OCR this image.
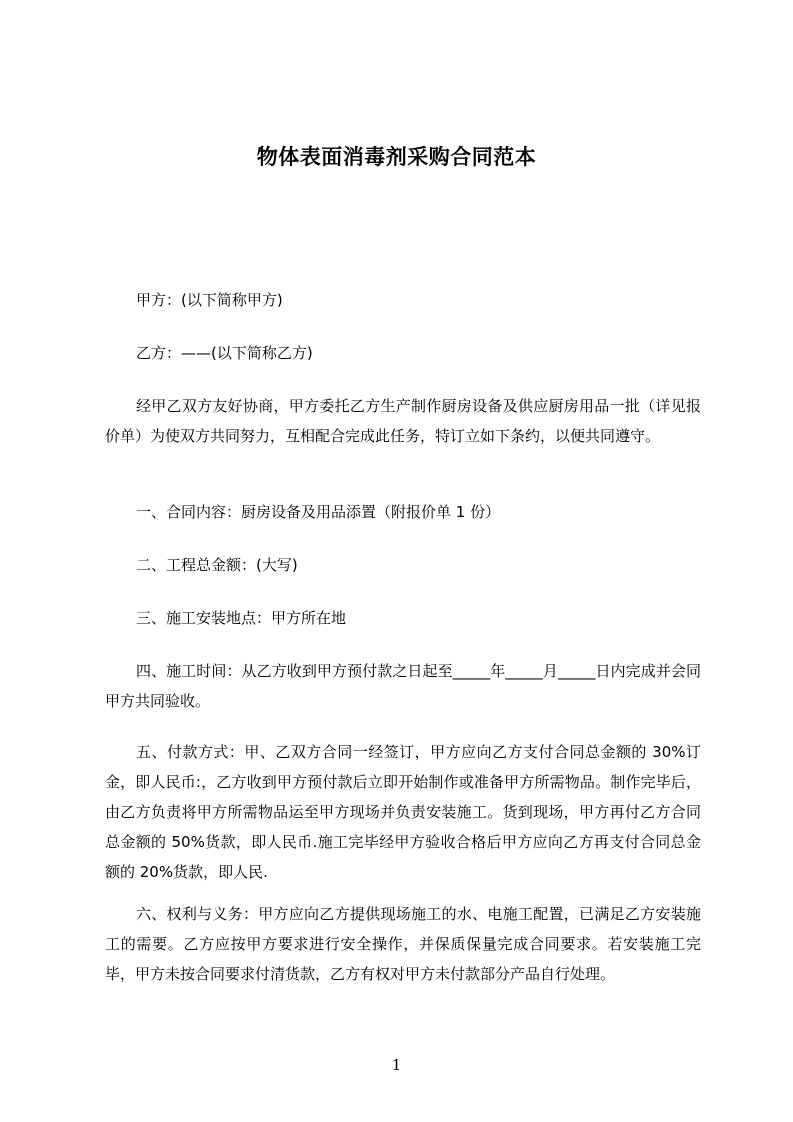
物体表面消毒剂采购合同范本
甲方：(以下简称甲方)
乙方：——(以下简称乙方)
经甲乙双方友好协商，甲方委托乙方生产制作厨房设备及供应厨房用品一批（详见报价单）为使双方共同努力，互相配合完成此任务，特订立如下条约，以便共同遵守。
一、合同内容：厨房设备及用品添置（附报价单 1 份）
二、工程总金额：(大写)
三、施工安装地点：甲方所在地
四、施工时间：从乙方收到甲方预付款之日起至_____年_____月_____日内完成并会同甲方共同验收。
五、付款方式：甲、乙双方合同一经签订，甲方应向乙方支付合同总金额的 30%订金，即人民币:，乙方收到甲方预付款后立即开始制作或准备甲方所需物品。制作完毕后，由乙方负责将甲方所需物品运至甲方现场并负责安装施工。货到现场，甲方再付乙方合同总金额的 50%货款，即人民币.施工完毕经甲方验收合格后甲方应向乙方再支付合同总金额的 20%货款，即人民.
六、权利与义务：甲方应向乙方提供现场施工的水、电施工配置，已满足乙方安装施工的需要。乙方应按甲方要求进行安全操作，并保质保量完成合同要求。若安装施工完毕，甲方未按合同要求付清货款，乙方有权对甲方未付款部分产品自行处理。
1
